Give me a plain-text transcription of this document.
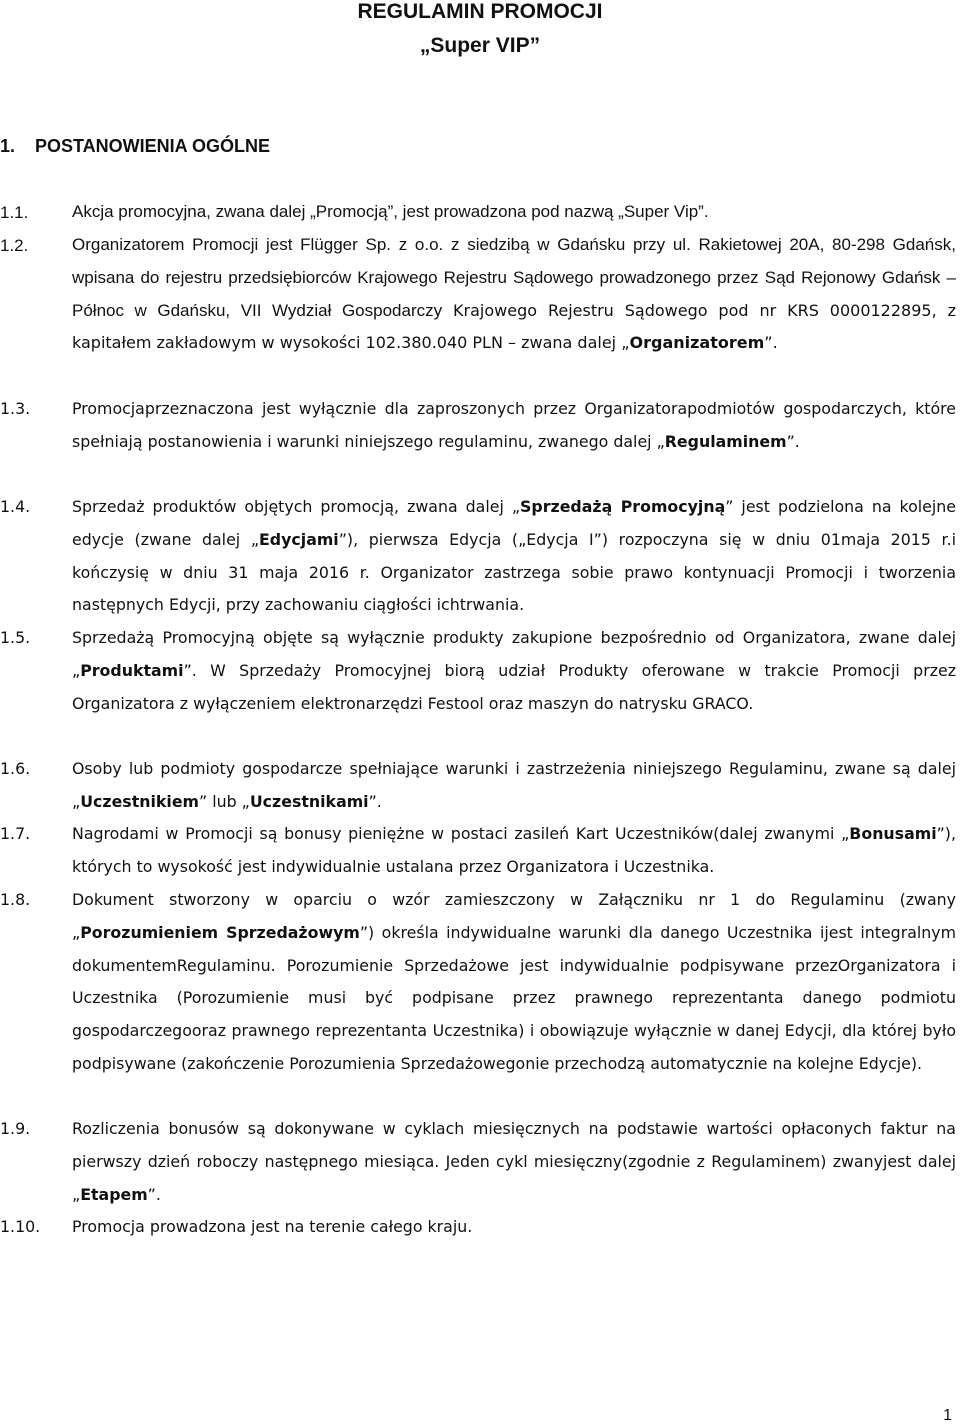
REGULAMIN PROMOCJI
„Super VIP”
1. POSTANOWIENIA OGÓLNE
1.1.	Akcja promocyjna, zwana dalej „Promocją”, jest prowadzona pod nazwą „Super Vip”.
1.2.	Organizatorem Promocji jest Flügger Sp. z o.o. z siedzibą w Gdańsku przy ul. Rakietowej 20A, 80-298 Gdańsk, wpisana do rejestru przedsiębiorców Krajowego Rejestru Sądowego prowadzonego przez Sąd Rejonowy Gdańsk – Północ w Gdańsku, VII Wydział Gospodarczy Krajowego Rejestru Sądowego pod nr KRS 0000122895, z kapitałem zakładowym w wysokości 102.380.040 PLN – zwana dalej „Organizatorem”.
1.3.	Promocjaprzeznaczona jest wyłącznie dla zaproszonych przez Organizatorapodmiotów gospodarczych, które spełniają postanowienia i warunki niniejszego regulaminu, zwanego dalej „Regulaminem”.
1.4.	Sprzedaż produktów objętych promocją, zwana dalej „Sprzedażą Promocyjną” jest podzielona na kolejne edycje (zwane dalej „Edycjami”), pierwsza Edycja („Edycja I”) rozpoczyna się w dniu 01maja 2015 r.i kończysię w dniu 31 maja 2016 r. Organizator zastrzega sobie prawo kontynuacji Promocji i tworzenia następnych Edycji, przy zachowaniu ciągłości ichtrwania.
1.5.	Sprzedażą Promocyjną objęte są wyłącznie produkty zakupione bezpośrednio od Organizatora, zwane dalej „Produktami”. W Sprzedaży Promocyjnej biorą udział Produkty oferowane w trakcie Promocji przez Organizatora z wyłączeniem elektronarzędzi Festool oraz maszyn do natrysku GRACO.
1.6.	Osoby lub podmioty gospodarcze spełniające warunki i zastrzeżenia niniejszego Regulaminu, zwane są dalej „Uczestnikiem” lub „Uczestnikami”.
1.7.	Nagrodami w Promocji są bonusy pieniężne w postaci zasileń Kart Uczestników(dalej zwanymi „Bonusami”), których to wysokość jest indywidualnie ustalana przez Organizatora i Uczestnika.
1.8.	Dokument stworzony w oparciu o wzór zamieszczony w Załączniku nr 1 do Regulaminu (zwany „Porozumieniem Sprzedażowym”) określa indywidualne warunki dla danego Uczestnika ijest integralnym dokumentemRegulaminu. Porozumienie Sprzedażowe jest indywidualnie podpisywane przezOrganizatora i Uczestnika (Porozumienie musi być podpisane przez prawnego reprezentanta danego podmiotu gospodarczegooraz prawnego reprezentanta Uczestnika) i obowiązuje wyłącznie w danej Edycji, dla której było podpisywane (zakończenie Porozumienia Sprzedażowegonie przechodzą automatycznie na kolejne Edycje).
1.9.	Rozliczenia bonusów są dokonywane w cyklach miesięcznych na podstawie wartości opłaconych faktur na pierwszy dzień roboczy następnego miesiąca. Jeden cykl miesięczny(zgodnie z Regulaminem) zwanyjest dalej „Etapem”.
1.10.	Promocja prowadzona jest na terenie całego kraju.
1
